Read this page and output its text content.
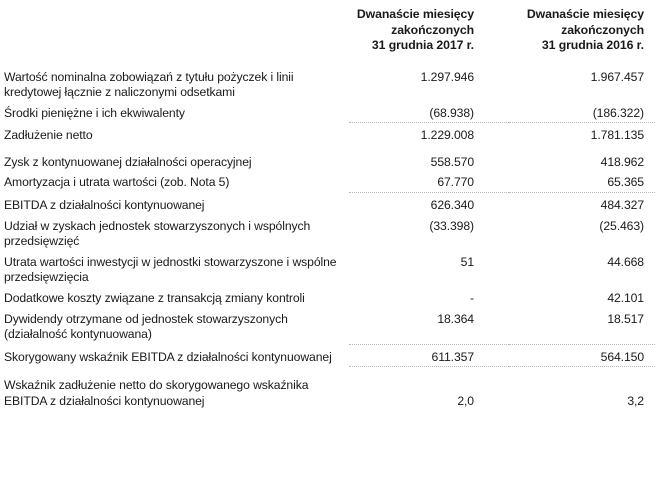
Dwanaście miesięcy
zakończonych
31 grudnia 2017 r.

Dwanaście miesięcy
zakończonych
31 grudnia 2016 r.

Wartość nominalna zobowiązań z tytułu pożyczek i linii kredytowej łącznie z naliczonymi odsetkami	1.297.946	1.967.457
Środki pieniężne i ich ekwiwalenty	(68.938)	(186.322)
Zadłużenie netto	1.229.008	1.781.135

Zysk z kontynuowanej działalności operacyjnej	558.570	418.962
Amortyzacja i utrata wartości (zob. Nota 5)	67.770	65.365
EBITDA z działalności kontynuowanej	626.340	484.327
Udział w zyskach jednostek stowarzyszonych i wspólnych przedsięwzięć	(33.398)	(25.463)
Utrata wartości inwestycji w jednostki stowarzyszone i wspólne przedsięwzięcia	51	44.668
Dodatkowe koszty związane z transakcją zmiany kontroli	-	42.101
Dywidendy otrzymane od jednostek stowarzyszonych (działalność kontynuowana)	18.364	18.517
Skorygowany wskaźnik EBITDA z działalności kontynuowanej	611.357	564.150
Wskaźnik zadłużenie netto do skorygowanego wskaźnika EBITDA z działalności kontynuowanej	2,0	3,2
